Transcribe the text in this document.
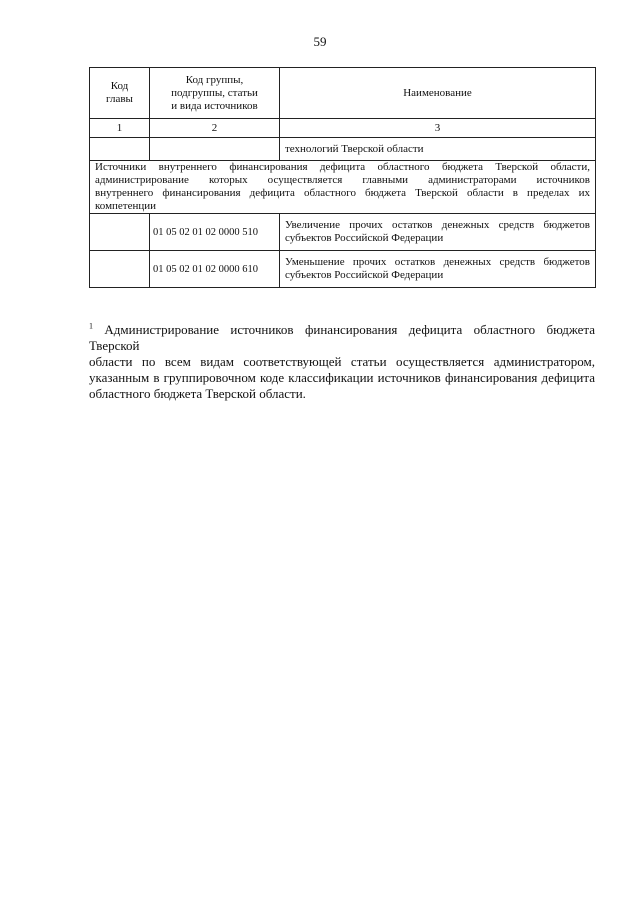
59
Код
главы	Код группы,
подгруппы, статьи
и вида источников	Наименование
1	2	3
		технологий Тверской области

Источники внутреннего финансирования дефицита областного бюджета Тверской области,
администрирование которых осуществляется главными администраторами источников
внутреннего финансирования дефицита областного бюджета Тверской области в пределах их
компетенции		

	01 05 02 01 02 0000 510	Увеличение прочих остатков денежных средств бюджетов
субъектов Российской Федерации

	01 05 02 01 02 0000 610	Уменьшение прочих остатков денежных средств бюджетов
субъектов Российской Федерации
$^1$ Администрирование источников финансирования дефицита областного бюджета Тверской
области по всем видам соответствующей статьи осуществляется администратором,
указанным в группировочном коде классификации источников финансирования дефицита
областного бюджета Тверской области.
